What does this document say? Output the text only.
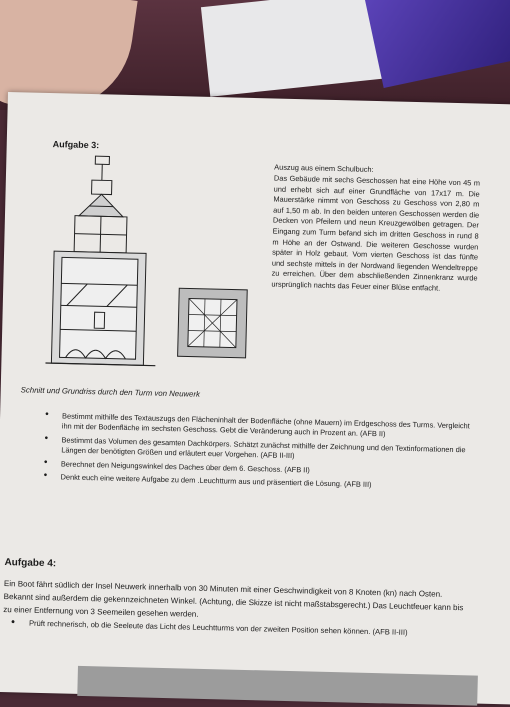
Aufgabe 3:
Auszug aus einem Schulbuch:
Das Gebäude mit sechs Geschossen hat eine Höhe von 45 m und erhebt sich auf einer Grundfläche von 17x17 m. Die Mauerstärke nimmt von Geschoss zu Geschoss von 2,80 m auf 1,50 m ab. In den beiden unteren Geschossen werden die Decken von Pfeilern und neun Kreuzgewölben getragen. Der Eingang zum Turm befand sich im dritten Geschoss in rund 8 m Höhe an der Ostwand. Die weiteren Geschosse wurden später in Holz gebaut. Vom vierten Geschoss ist das fünfte und sechste mittels in der Nordwand liegenden Wendeltreppe zu erreichen. Über dem abschließenden Zinnenkranz wurde ursprünglich nachts das Feuer einer Blüse entfacht.
Schnitt und Grundriss durch den Turm von Neuwerk
• Bestimmt mithilfe des Textauszugs den Flächeninhalt der Bodenfläche (ohne Mauern) im Erdgeschoss des Turms. Vergleicht ihn mit der Bodenfläche im sechsten Geschoss. Gebt die Veränderung auch in Prozent an. (AFB II)
• Bestimmt das Volumen des gesamten Dachkörpers. Schätzt zunächst mithilfe der Zeichnung und den Textinformationen die Längen der benötigten Größen und erläutert euer Vorgehen. (AFB II-III)
• Berechnet den Neigungswinkel des Daches über dem 6. Geschoss. (AFB II)
• Denkt euch eine weitere Aufgabe zu dem .Leuchtturm aus und präsentiert die Lösung. (AFB III)
Aufgabe 4:
Ein Boot fährt südlich der Insel Neuwerk innerhalb von 30 Minuten mit einer Geschwindigkeit von 8 Knoten (kn) nach Osten. Bekannt sind außerdem die gekennzeichneten Winkel. (Achtung, die Skizze ist nicht maßstabsgerecht.) Das Leuchtfeuer kann bis zu einer Entfernung von 3 Seemeilen gesehen werden.
• Prüft rechnerisch, ob die Seeleute das Licht des Leuchtturms von der zweiten Position sehen können. (AFB II-III)
